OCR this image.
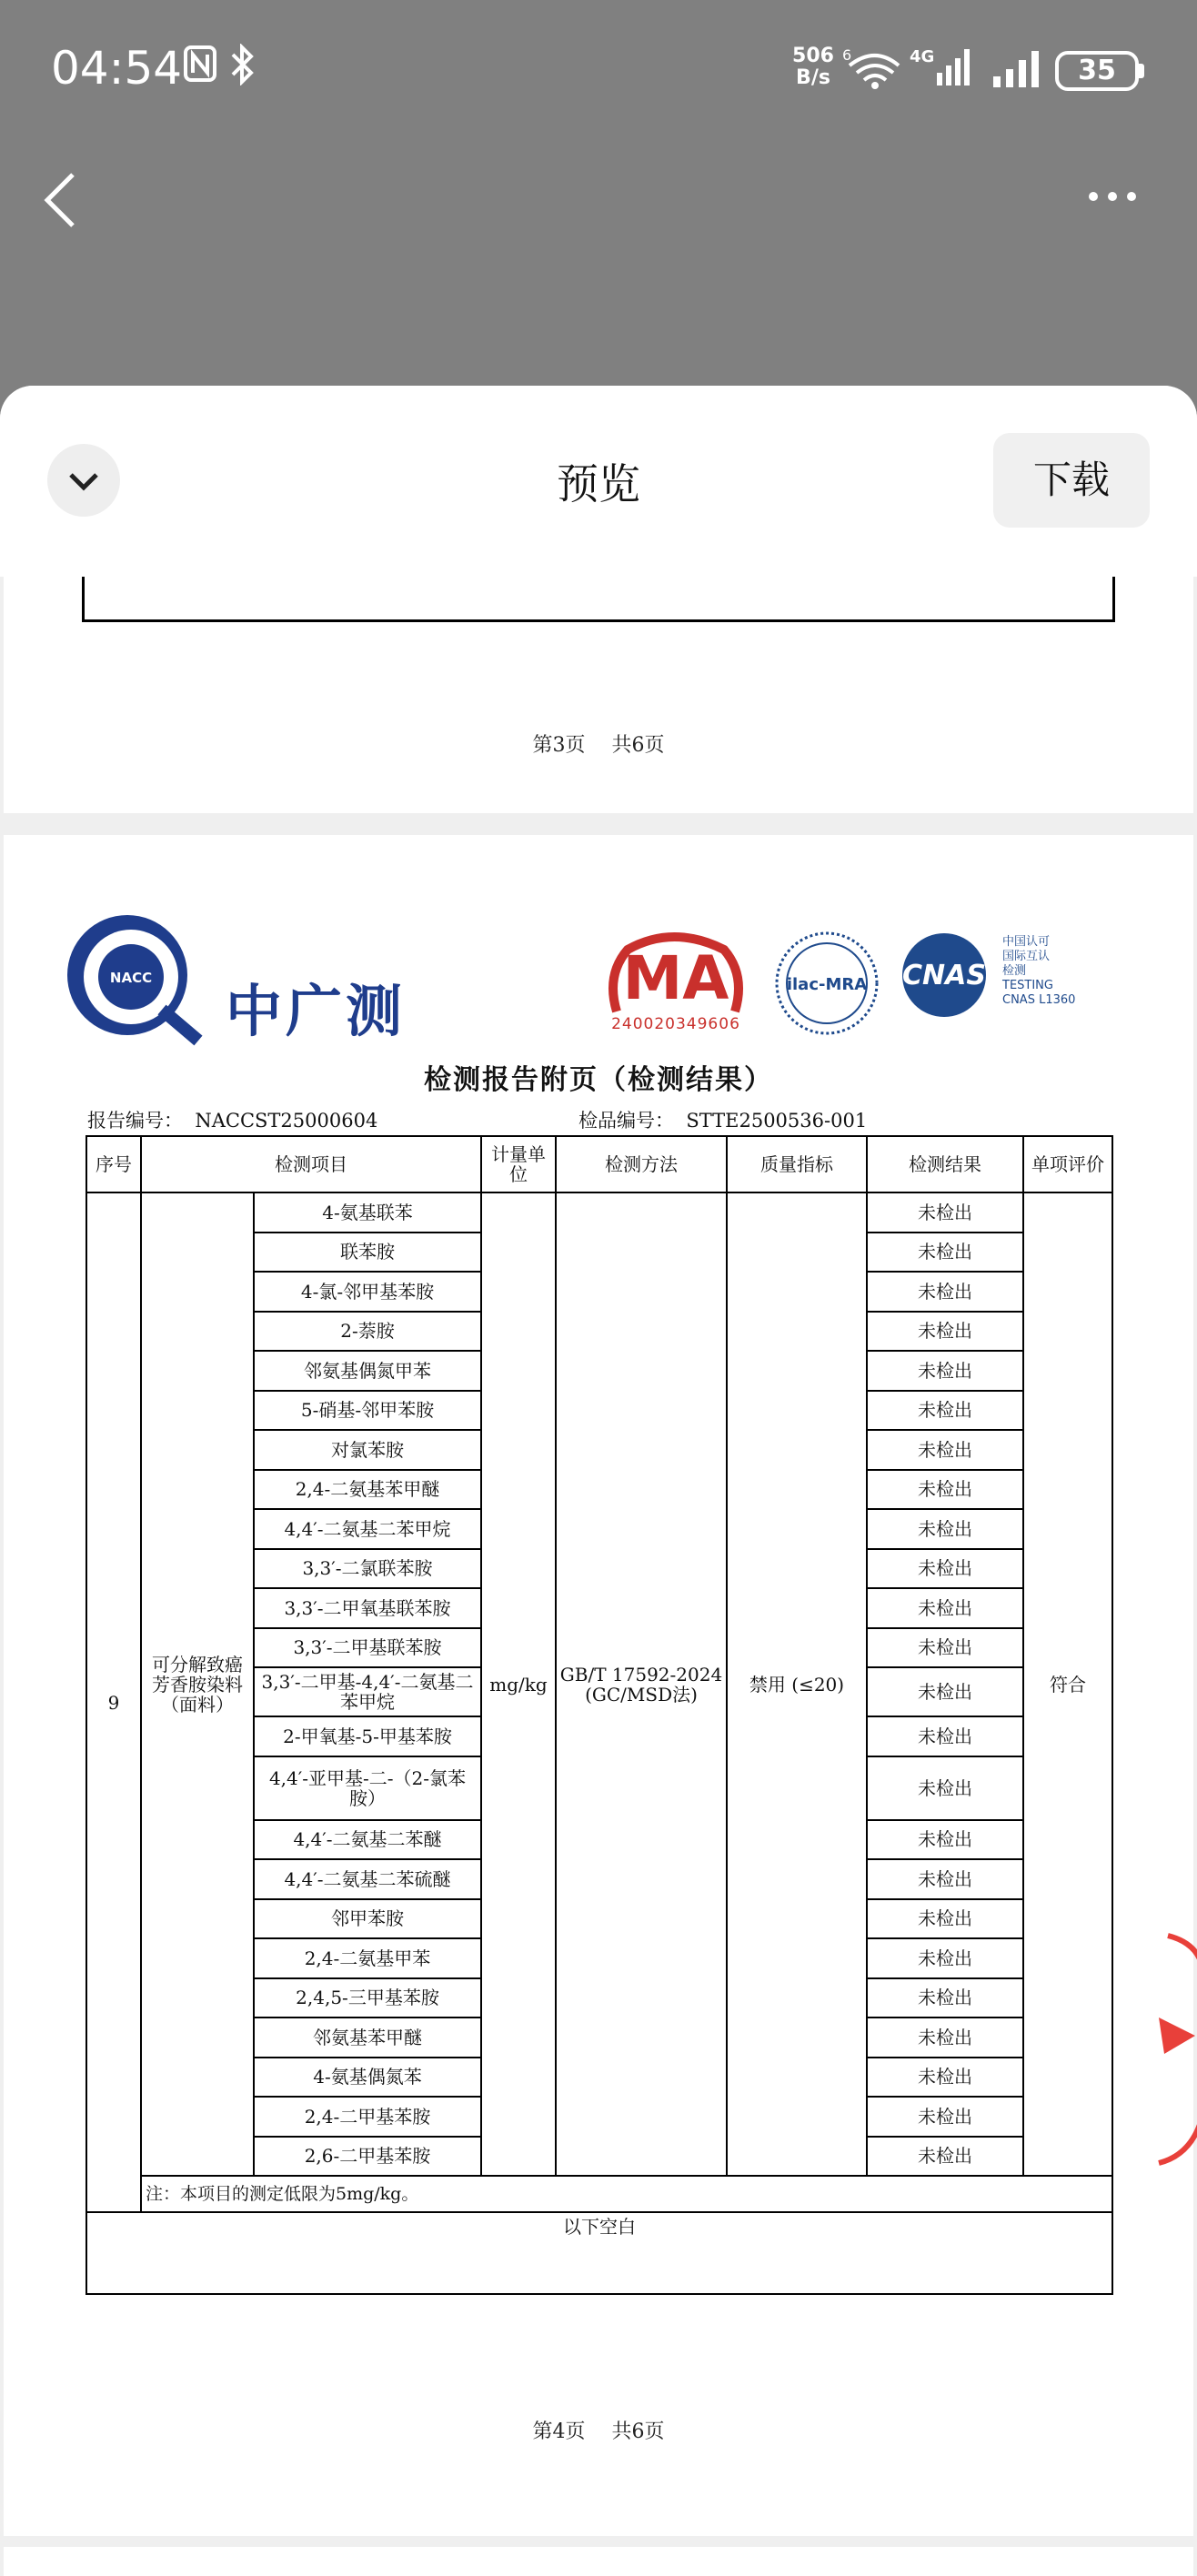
04:54	506
B/s
6	4G	35
预览	下载
第3页　 共6页
NACC 中广测	MA
240020349606
ilac-MRA CNAS
中国认可
国际互认
检测
TESTING
CNAS L1360
检测报告附页（检测结果）
报告编号： NACCST25000604	检品编号： STTE2500536-001
序号	检测项目		计量单位	检测方法	质量指标	检测结果	单项评价
9	可分解致癌芳香胺染料（面料）	4-氨基联苯	mg/kg	GB/T 17592-2024 (GC/MSD法)	禁用 (≤20)	未检出	符合
		联苯胺				未检出	
		4-氯-邻甲基苯胺				未检出	
		2-萘胺				未检出	
		邻氨基偶氮甲苯				未检出	
		5-硝基-邻甲苯胺				未检出	
		对氯苯胺				未检出	
		2,4-二氨基苯甲醚				未检出	
		4,4′-二氨基二苯甲烷				未检出	
		3,3′-二氯联苯胺				未检出	
		3,3′-二甲氧基联苯胺				未检出	
		3,3′-二甲基联苯胺				未检出	
		3,3′-二甲基-4,4′-二氨基二苯甲烷				未检出	
		2-甲氧基-5-甲基苯胺				未检出	
		4,4′-亚甲基-二-（2-氯苯胺）				未检出	
		4,4′-二氨基二苯醚				未检出	
		4,4′-二氨基二苯硫醚				未检出	
		邻甲苯胺				未检出	
		2,4-二氨基甲苯				未检出	
		2,4,5-三甲基苯胺				未检出	
		邻氨基苯甲醚				未检出	
		4-氨基偶氮苯				未检出	
		2,4-二甲基苯胺				未检出	
		2,6-二甲基苯胺				未检出	
	注：本项目的测定低限为5mg/kg。						
以下空白							
第4页　 共6页
